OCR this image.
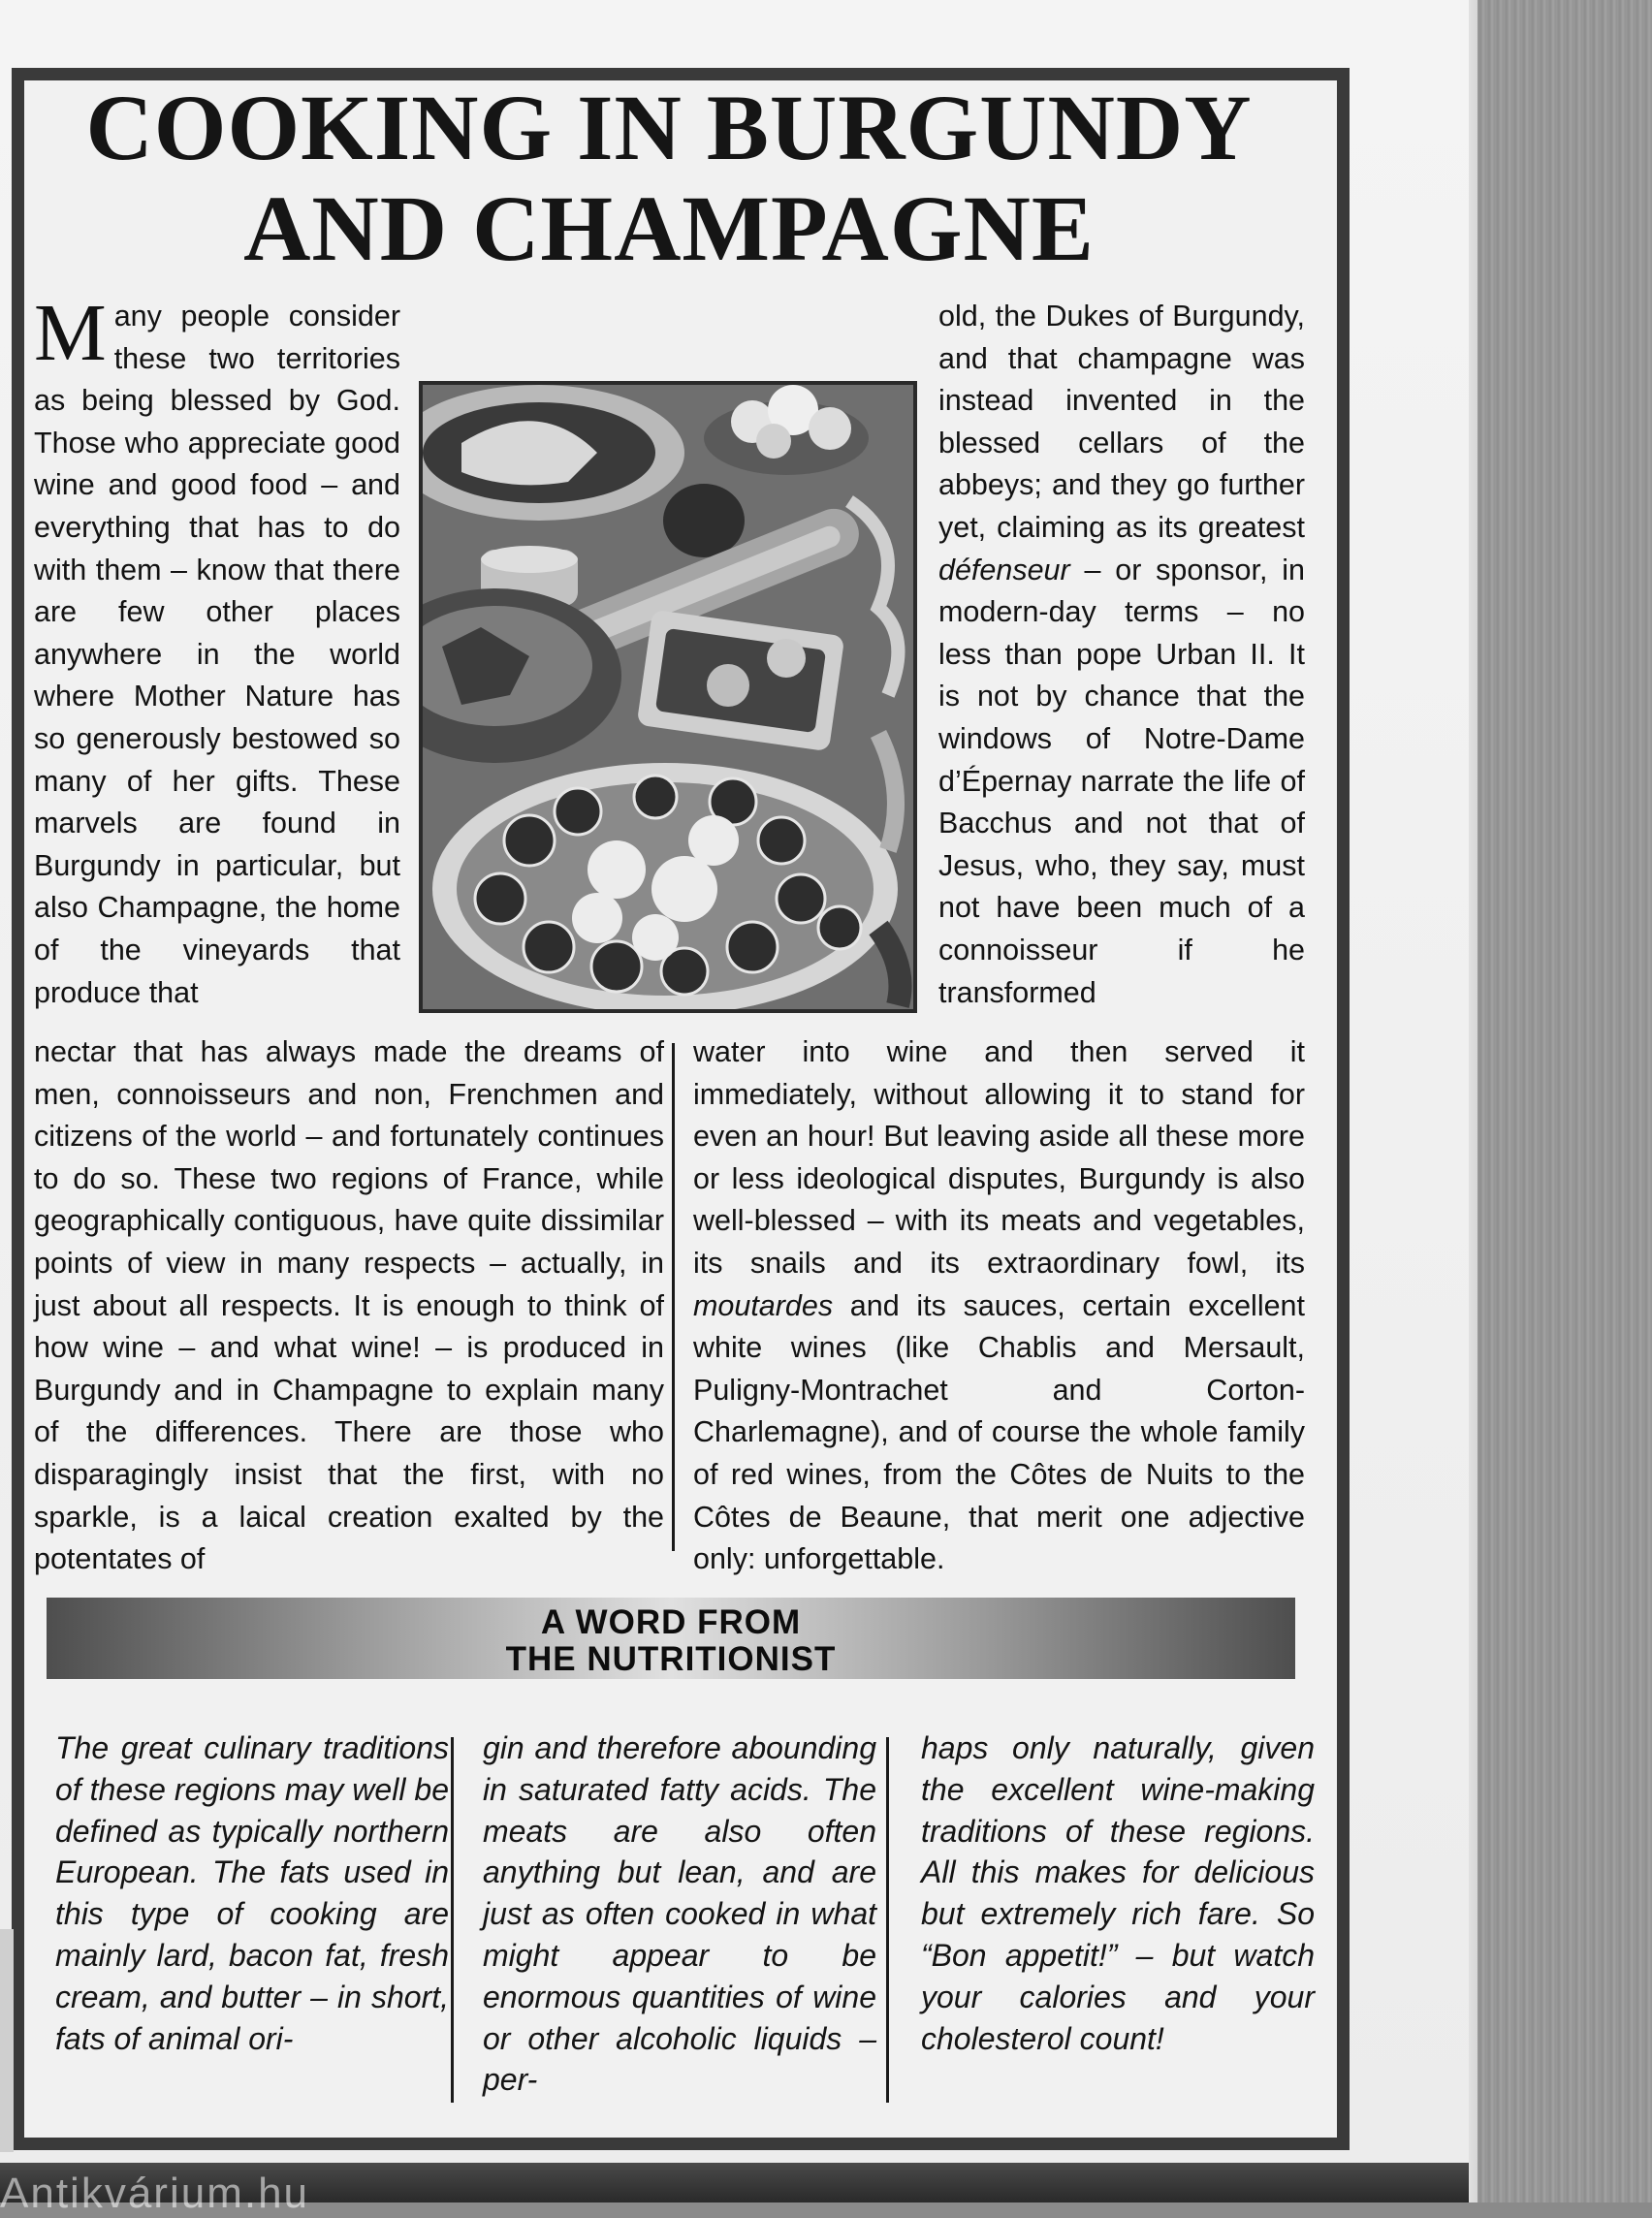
COOKING IN BURGUNDY AND CHAMPAGNE

Many people consider these two territories as being blessed by God. Those who appreciate good wine and good food – and everything that has to do with them – know that there are few other places anywhere in the world where Mother Nature has so generously bestowed so many of her gifts. These marvels are found in Burgundy in particular, but also Champagne, the home of the vineyards that produce that

old, the Dukes of Burgundy, and that champagne was instead invented in the blessed cellars of the abbeys; and they go further yet, claiming as its greatest défenseur – or sponsor, in modern-day terms – no less than pope Urban II. It is not by chance that the windows of Notre-Dame d’Épernay narrate the life of Bacchus and not that of Jesus, who, they say, must not have been much of a connoisseur if he transformed

nectar that has always made the dreams of men, connoisseurs and non, Frenchmen and citizens of the world – and fortunately continues to do so. These two regions of France, while geographically contiguous, have quite dissimilar points of view in many respects – actually, in just about all respects. It is enough to think of how wine – and what wine! – is produced in Burgundy and in Champagne to explain many of the differences. There are those who disparagingly insist that the first, with no sparkle, is a laical creation exalted by the potentates of

water into wine and then served it immediately, without allowing it to stand for even an hour! But leaving aside all these more or less ideological disputes, Burgundy is also well-blessed – with its meats and vegetables, its snails and its extraordinary fowl, its moutardes and its sauces, certain excellent white wines (like Chablis and Mersault, Puligny-Montrachet and Corton-Charlemagne), and of course the whole family of red wines, from the Côtes de Nuits to the Côtes de Beaune, that merit one adjective only: unforgettable.

A WORD FROM
THE NUTRITIONIST

The great culinary traditions of these regions may well be defined as typically northern European. The fats used in this type of cooking are mainly lard, bacon fat, fresh cream, and butter – in short, fats of animal ori-

gin and therefore abounding in saturated fatty acids. The meats are also often anything but lean, and are just as often cooked in what might appear to be enormous quantities of wine or other alcoholic liquids – per-

haps only naturally, given the excellent wine-making traditions of these regions. All this makes for delicious but extremely rich fare. So “Bon appetit!” – but watch your calories and your cholesterol count!

Antikvárium.hu
